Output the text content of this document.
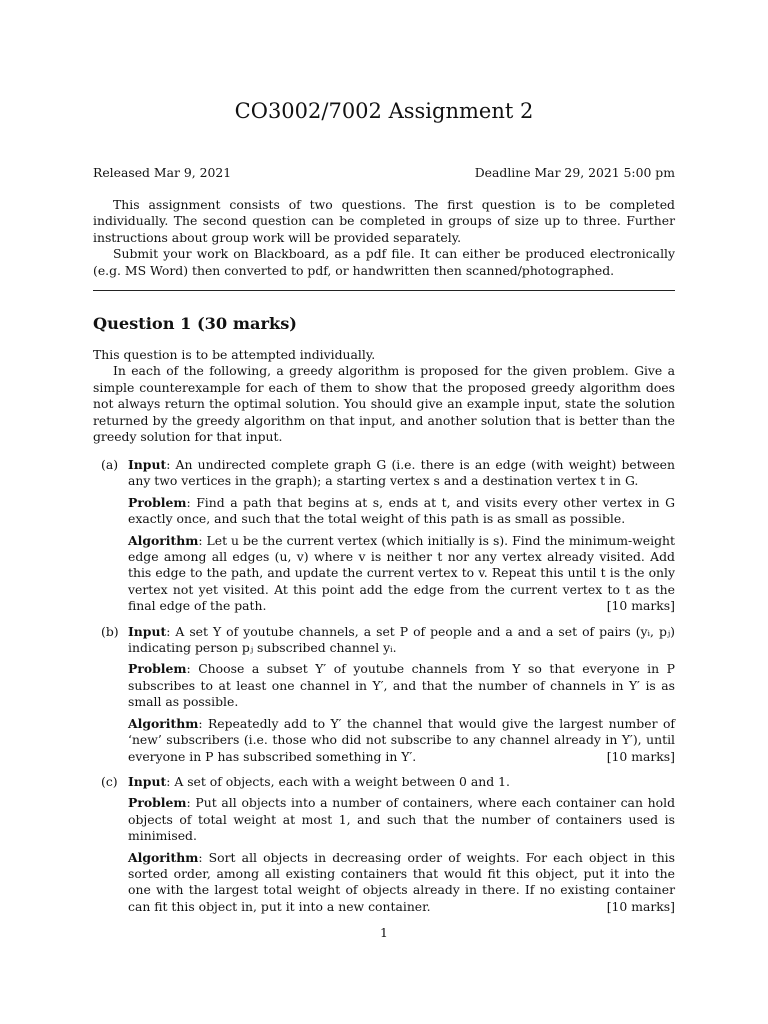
CO3002/7002 Assignment 2
Released Mar 9, 2021	Deadline Mar 29, 2021 5:00 pm

This assignment consists of two questions. The first question is to be completed individually. The second question can be completed in groups of size up to three. Further instructions about group work will be provided separately.

Submit your work on Blackboard, as a pdf file. It can either be produced electronically (e.g. MS Word) then converted to pdf, or handwritten then scanned/photographed.

Question 1 (30 marks)

This question is to be attempted individually.

In each of the following, a greedy algorithm is proposed for the given problem. Give a simple counterexample for each of them to show that the proposed greedy algorithm does not always return the optimal solution. You should give an example input, state the solution returned by the greedy algorithm on that input, and another solution that is better than the greedy solution for that input.

(a) Input: An undirected complete graph G (i.e. there is an edge (with weight) between any two vertices in the graph); a starting vertex s and a destination vertex t in G.

Problem: Find a path that begins at s, ends at t, and visits every other vertex in G exactly once, and such that the total weight of this path is as small as possible.

Algorithm: Let u be the current vertex (which initially is s). Find the minimum-weight edge among all edges (u, v) where v is neither t nor any vertex already visited. Add this edge to the path, and update the current vertex to v. Repeat this until t is the only vertex not yet visited. At this point add the edge from the current vertex to t as the final edge of the path.	[10 marks]

(b) Input: A set Y of youtube channels, a set P of people and a and a set of pairs (yᵢ, pⱼ) indicating person pⱼ subscribed channel yᵢ.

Problem: Choose a subset Y′ of youtube channels from Y so that everyone in P subscribes to at least one channel in Y′, and that the number of channels in Y′ is as small as possible.

Algorithm: Repeatedly add to Y′ the channel that would give the largest number of ‘new’ subscribers (i.e. those who did not subscribe to any channel already in Y′), until everyone in P has subscribed something in Y′.	[10 marks]

(c) Input: A set of objects, each with a weight between 0 and 1.

Problem: Put all objects into a number of containers, where each container can hold objects of total weight at most 1, and such that the number of containers used is minimised.

Algorithm: Sort all objects in decreasing order of weights. For each object in this sorted order, among all existing containers that would fit this object, put it into the one with the largest total weight of objects already in there. If no existing container can fit this object in, put it into a new container.	[10 marks]

1
